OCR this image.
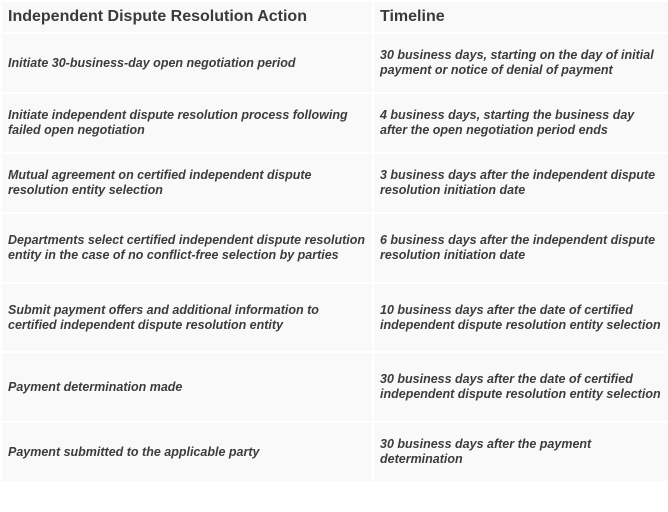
Independent Dispute Resolution Action	Timeline
Initiate 30-business-day open negotiation period	30 business days, starting on the day of initial payment or notice of denial of payment
Initiate independent dispute resolution process following failed open negotiation	4 business days, starting the business day after the open negotiation period ends
Mutual agreement on certified independent dispute resolution entity selection	3 business days after the independent dispute resolution initiation date
Departments select certified independent dispute resolution entity in the case of no conflict-free selection by parties	6 business days after the independent dispute resolution initiation date
Submit payment offers and additional information to certified independent dispute resolution entity	10 business days after the date of certified independent dispute resolution entity selection
Payment determination made	30 business days after the date of certified independent dispute resolution entity selection
Payment submitted to the applicable party	30 business days after the payment determination
